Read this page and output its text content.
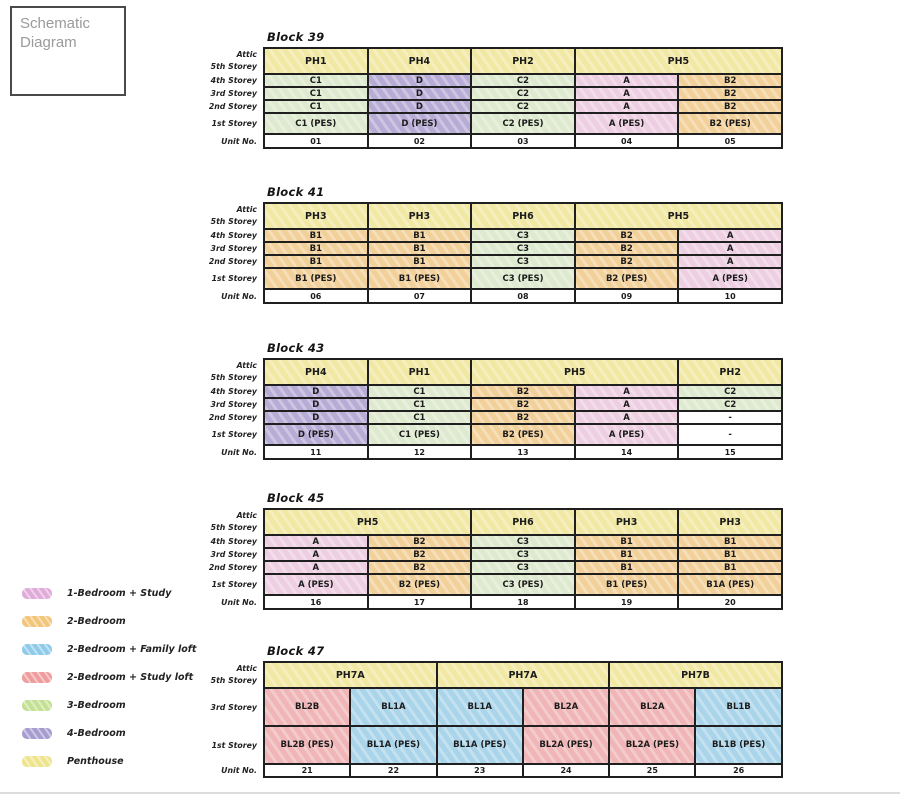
Schematic Diagram
1-Bedroom + Study
2-Bedroom
2-Bedroom + Family loft
2-Bedroom + Study loft
3-Bedroom
4-Bedroom
Penthouse
Block 39
Attic
5th Storey
4th Storey
3rd Storey
2nd Storey
1st Storey
Unit No.
PH1	PH4	PH2	PH5
C1	D	C2	A	B2
C1	D	C2	A	B2
C1	D	C2	A	B2
C1 (PES)	D (PES)	C2 (PES)	A (PES)	B2 (PES)
01	02	03	04	05
Block 41
Attic
5th Storey
4th Storey
3rd Storey
2nd Storey
1st Storey
Unit No.
PH3	PH3	PH6	PH5
B1	B1	C3	B2	A
B1	B1	C3	B2	A
B1	B1	C3	B2	A
B1 (PES)	B1 (PES)	C3 (PES)	B2 (PES)	A (PES)
06	07	08	09	10
Block 43
Attic
5th Storey
4th Storey
3rd Storey
2nd Storey
1st Storey
Unit No.
PH4	PH1	PH5	PH2
D	C1	B2	A	C2
D	C1	B2	A	C2
D	C1	B2	A	-
D (PES)	C1 (PES)	B2 (PES)	A (PES)	-
11	12	13	14	15
Block 45
Attic
5th Storey
4th Storey
3rd Storey
2nd Storey
1st Storey
Unit No.
PH5	PH6	PH3	PH3
A	B2	C3	B1	B1
A	B2	C3	B1	B1
A	B2	C3	B1	B1
A (PES)	B2 (PES)	C3 (PES)	B1 (PES)	B1A (PES)
16	17	18	19	20
Block 47
Attic
5th Storey
3rd Storey
1st Storey
Unit No.
PH7A	PH7A	PH7B
BL2B	BL1A	BL1A	BL2A	BL2A	BL1B
BL2B (PES)	BL1A (PES)	BL1A (PES)	BL2A (PES)	BL2A (PES)	BL1B (PES)
21	22	23	24	25	26
